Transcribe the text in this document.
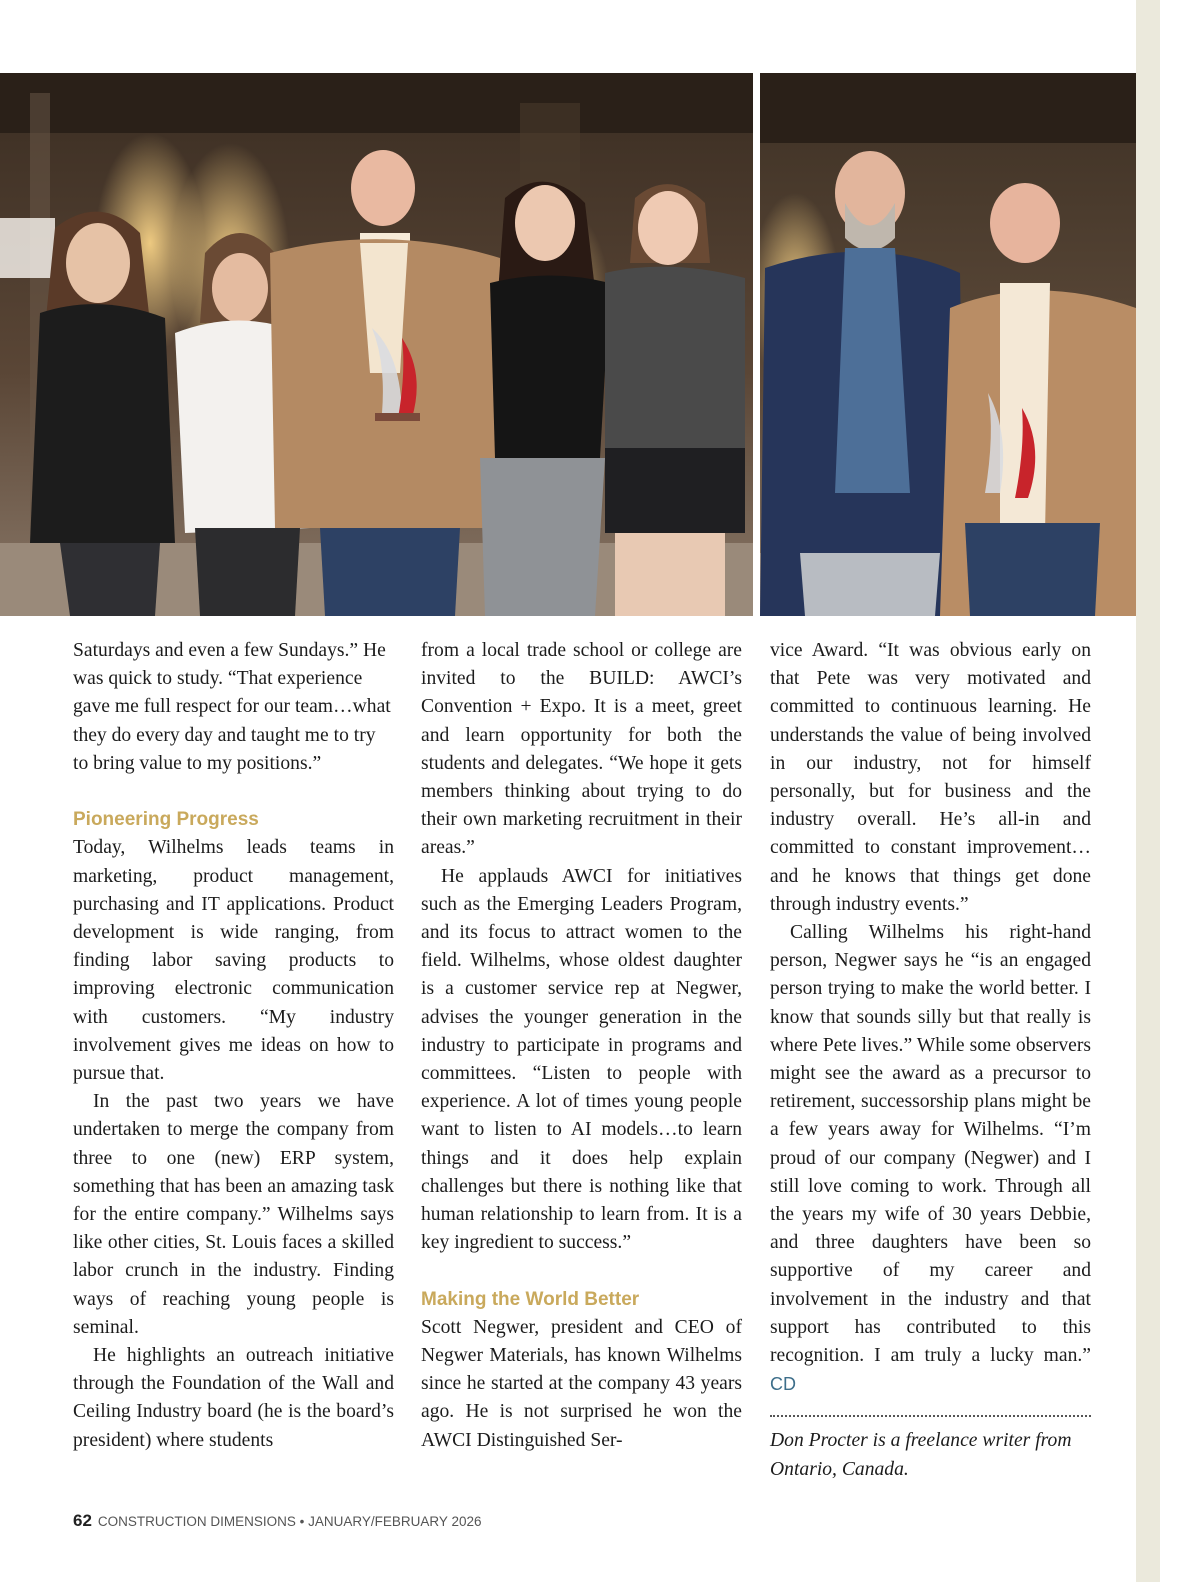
Saturdays and even a few Sundays.” He was quick to study. “That experience gave me full respect for our team…what they do every day and taught me to try to bring value to my positions.”

Pioneering Progress

Today, Wilhelms leads teams in marketing, product management, purchasing and IT applications. Product development is wide ranging, from finding labor saving products to improving electronic communication with customers. “My industry involvement gives me ideas on how to pursue that.

In the past two years we have undertaken to merge the company from three to one (new) ERP system, something that has been an amazing task for the entire company.” Wilhelms says like other cities, St. Louis faces a skilled labor crunch in the industry. Finding ways of reaching young people is seminal.

He highlights an outreach initiative through the Foundation of the Wall and Ceiling Industry board (he is the board’s president) where students

from a local trade school or college are invited to the BUILD: AWCI’s Convention + Expo. It is a meet, greet and learn opportunity for both the students and delegates. “We hope it gets members thinking about trying to do their own marketing recruitment in their areas.”

He applauds AWCI for initiatives such as the Emerging Leaders Program, and its focus to attract women to the field. Wilhelms, whose oldest daughter is a customer service rep at Negwer, advises the younger generation in the industry to participate in programs and committees. “Listen to people with experience. A lot of times young people want to listen to AI models…to learn things and it does help explain challenges but there is nothing like that human relationship to learn from. It is a key ingredient to success.”

Making the World Better

Scott Negwer, president and CEO of Negwer Materials, has known Wilhelms since he started at the company 43 years ago. He is not surprised he won the AWCI Distinguished Ser-

vice Award. “It was obvious early on that Pete was very motivated and committed to continuous learning. He understands the value of being involved in our industry, not for himself personally, but for business and the industry overall. He’s all-in and committed to constant improvement…and he knows that things get done through industry events.”

Calling Wilhelms his right-hand person, Negwer says he “is an engaged person trying to make the world better. I know that sounds silly but that really is where Pete lives.” While some observers might see the award as a precursor to retirement, successorship plans might be a few years away for Wilhelms. “I’m proud of our company (Negwer) and I still love coming to work. Through all the years my wife of 30 years Debbie, and three daughters have been so supportive of my career and involvement in the industry and that support has contributed to this recognition. I am truly a lucky man.” CD

Don Procter is a freelance writer from Ontario, Canada.

62 CONSTRUCTION DIMENSIONS • JANUARY/FEBRUARY 2026
